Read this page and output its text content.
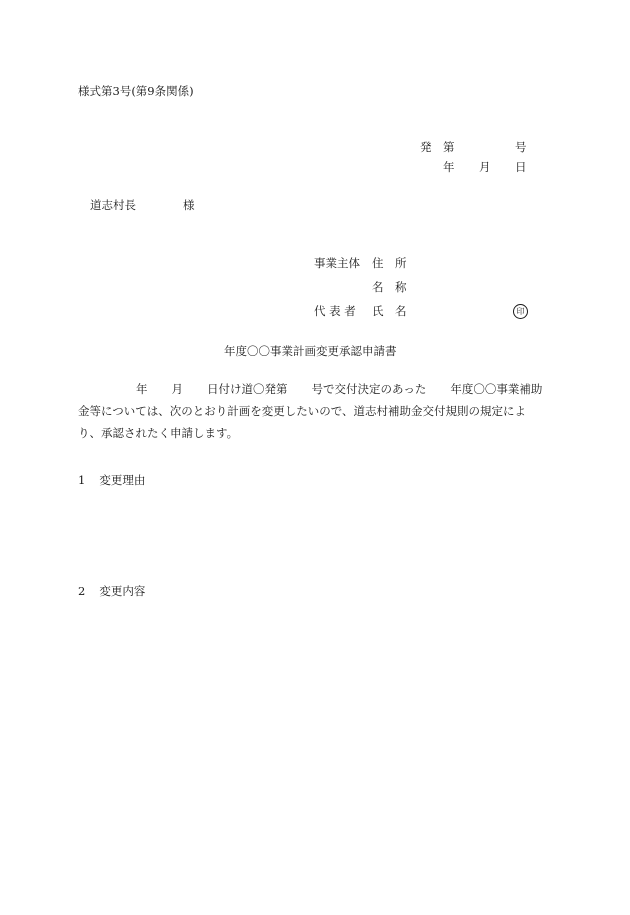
様式第3号(第9条関係)
発 第	号
年 月 日
道志村長	様
事業主体 住　所
名　称
代 表 者 氏　名	印
年度〇〇事業計画変更承認申請書
年 月 日付け道〇発第 号で交付決定のあった 年度〇〇事業補助
金等については、次のとおり計画を変更したいので、道志村補助金交付規則の規定によ
り、承認されたく申請します。
1 変更理由
2 変更内容
